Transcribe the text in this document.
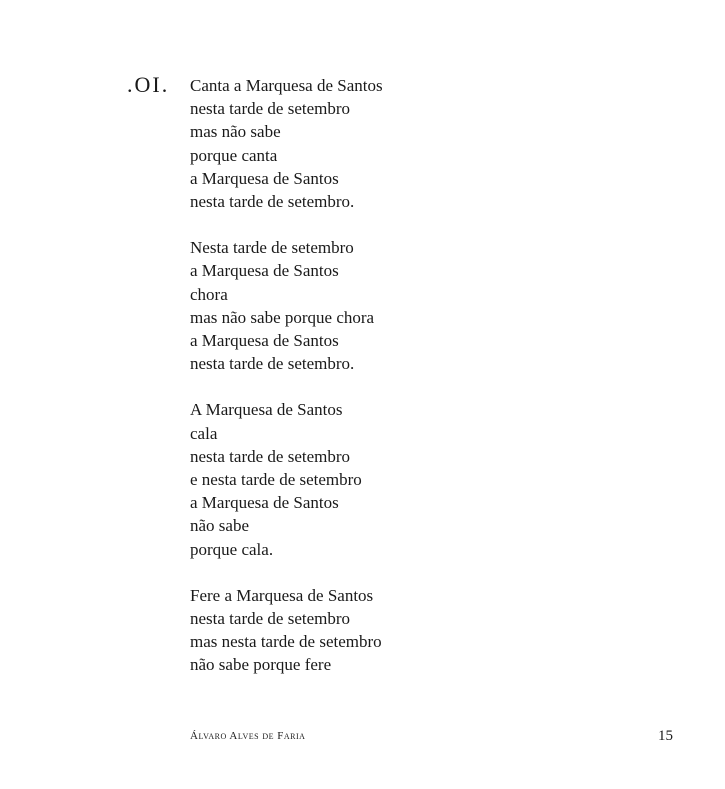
.OI. Canta a Marquesa de Santos
nesta tarde de setembro
mas não sabe
porque canta
a Marquesa de Santos
nesta tarde de setembro.
Nesta tarde de setembro
a Marquesa de Santos
chora
mas não sabe porque chora
a Marquesa de Santos
nesta tarde de setembro.
A Marquesa de Santos
cala
nesta tarde de setembro
e nesta tarde de setembro
a Marquesa de Santos
não sabe
porque cala.
Fere a Marquesa de Santos
nesta tarde de setembro
mas nesta tarde de setembro
não sabe porque fere
Álvaro Alves de Faria	15
